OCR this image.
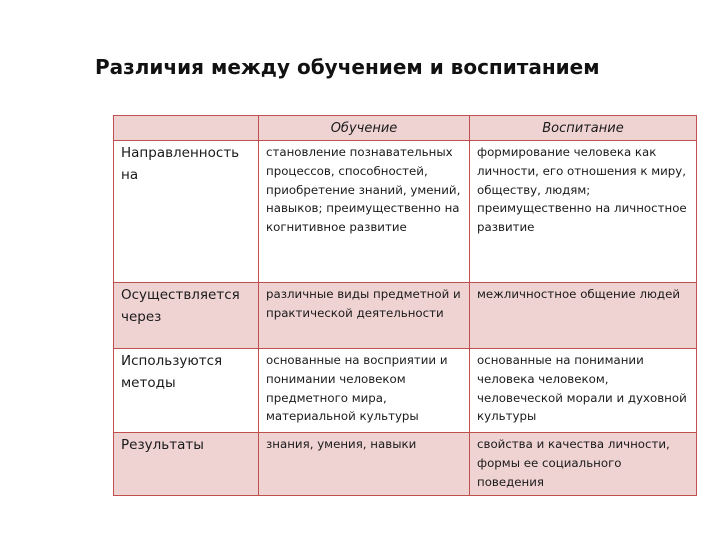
Различия между обучением и воспитанием
	Обучение	Воспитание
Направленность на	становление познавательных процессов, способностей, приобретение знаний, умений, навыков; преимущественно на когнитивное развитие	формирование человека как личности, его отношения к миру, обществу, людям; преимущественно на личностное развитие
Осуществляется через	различные виды предметной и практической деятельности	межличностное общение людей
Используются методы	основанные на восприятии и понимании человеком предметного мира, материальной культуры	основанные на понимании человека человеком, человеческой морали и духовной культуры
Результаты	знания, умения, навыки	свойства и качества личности, формы ее социального поведения
